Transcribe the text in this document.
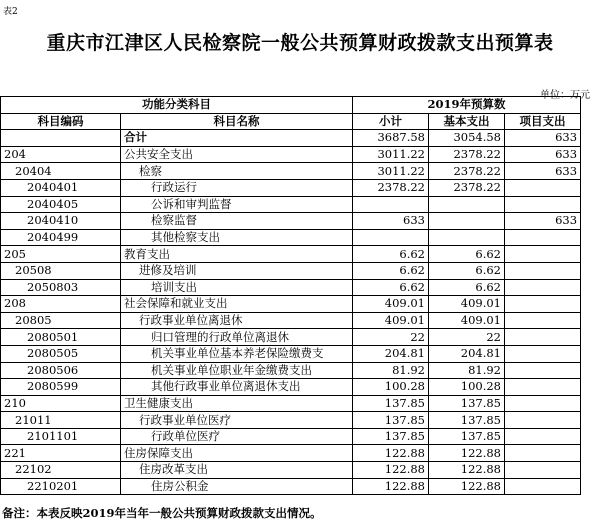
表2
重庆市江津区人民检察院一般公共预算财政拨款支出预算表
单位：万元
功能分类科目		2019年预算数		
科目编码	科目名称	小计	基本支出	项目支出
	合计	3687.58	3054.58	633
204	公共安全支出	3011.22	2378.22	633
20404	检察	3011.22	2378.22	633
2040401	行政运行	2378.22	2378.22	
2040405	公诉和审判监督			
2040410	检察监督	633		633
2040499	其他检察支出			
205	教育支出	6.62	6.62	
20508	进修及培训	6.62	6.62	
2050803	培训支出	6.62	6.62	
208	社会保障和就业支出	409.01	409.01	
20805	行政事业单位离退休	409.01	409.01	
2080501	归口管理的行政单位离退休	22	22	
2080505	机关事业单位基本养老保险缴费支	204.81	204.81	
2080506	机关事业单位职业年金缴费支出	81.92	81.92	
2080599	其他行政事业单位离退休支出	100.28	100.28	
210	卫生健康支出	137.85	137.85	
21011	行政事业单位医疗	137.85	137.85	
2101101	行政单位医疗	137.85	137.85	
221	住房保障支出	122.88	122.88	
22102	住房改革支出	122.88	122.88	
2210201	住房公积金	122.88	122.88	
备注：本表反映2019年当年一般公共预算财政拨款支出情况。
